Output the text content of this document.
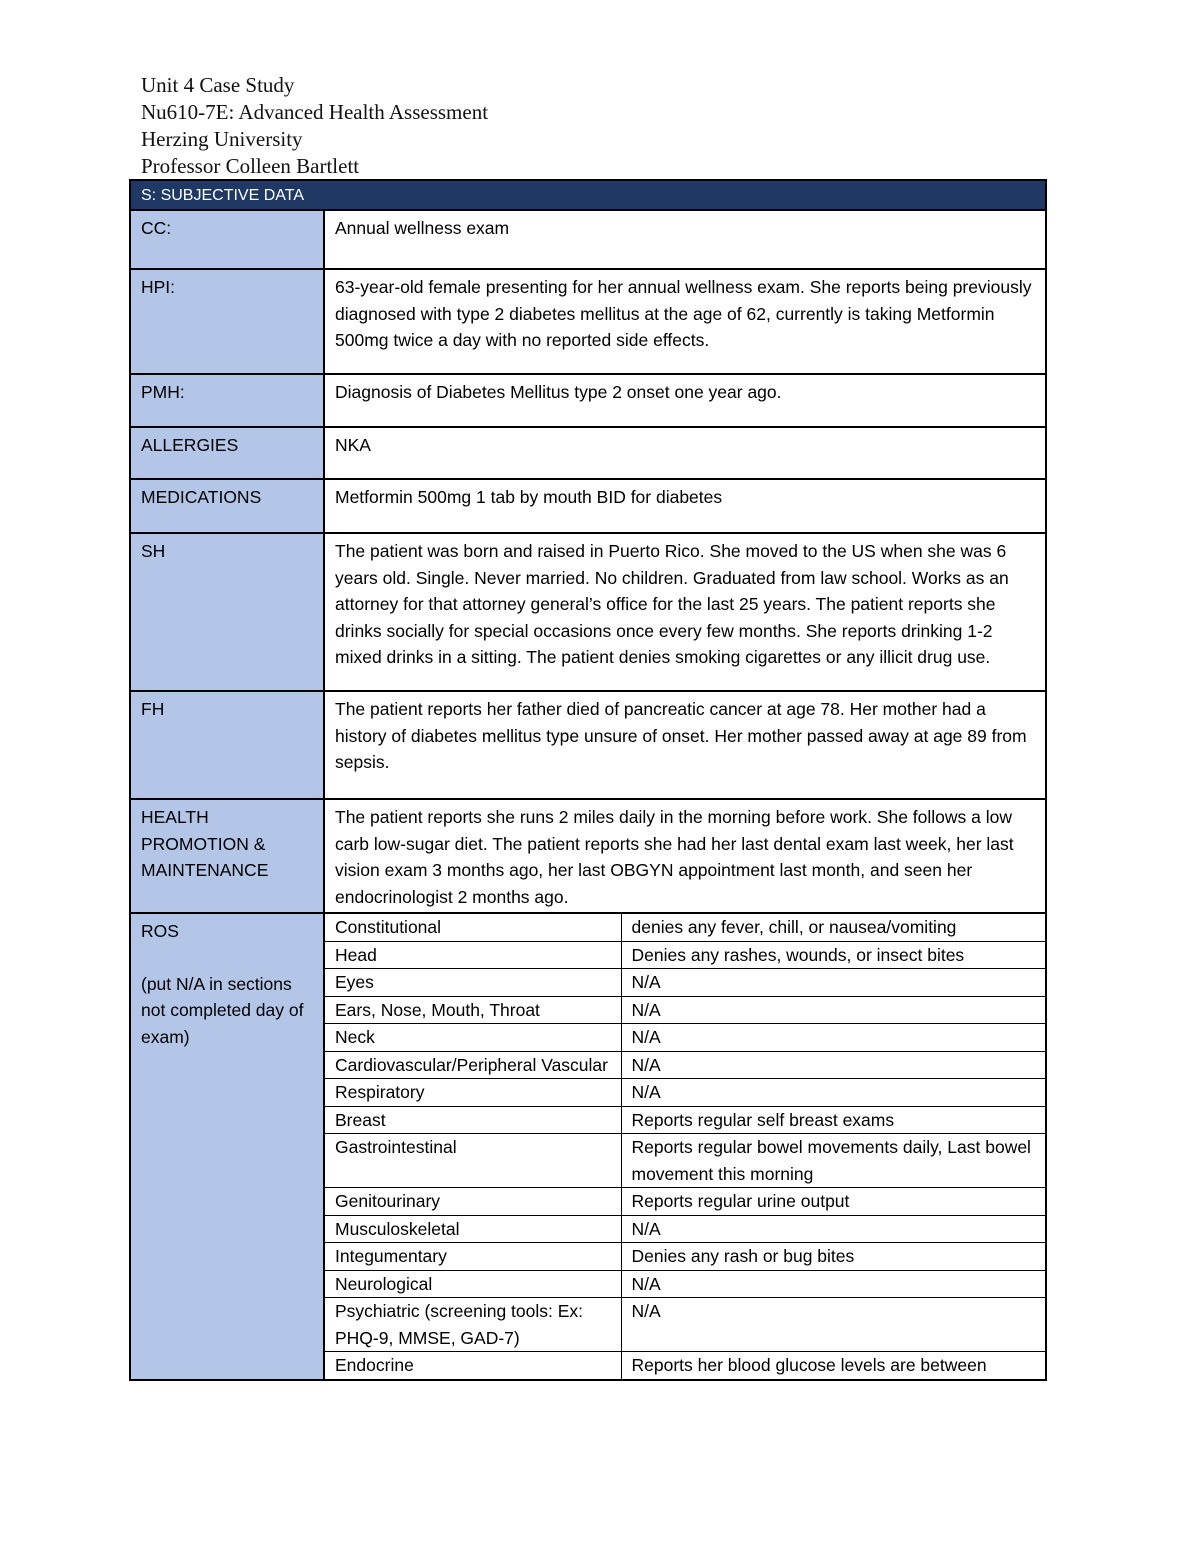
Unit 4 Case Study
Nu610-7E: Advanced Health Assessment
Herzing University
Professor Colleen Bartlett
S: SUBJECTIVE DATA
CC:	Annual wellness exam
HPI:	63-year-old female presenting for her annual wellness exam. She reports being previously diagnosed with type 2 diabetes mellitus at the age of 62, currently is taking Metformin 500mg twice a day with no reported side effects.
PMH:	Diagnosis of Diabetes Mellitus type 2 onset one year ago.
ALLERGIES	NKA
MEDICATIONS	Metformin 500mg 1 tab by mouth BID for diabetes
SH	The patient was born and raised in Puerto Rico. She moved to the US when she was 6 years old. Single. Never married. No children. Graduated from law school. Works as an attorney for that attorney general’s office for the last 25 years. The patient reports she drinks socially for special occasions once every few months. She reports drinking 1-2 mixed drinks in a sitting. The patient denies smoking cigarettes or any illicit drug use.
FH	The patient reports her father died of pancreatic cancer at age 78. Her mother had a history of diabetes mellitus type unsure of onset. Her mother passed away at age 89 from sepsis.
HEALTH PROMOTION & MAINTENANCE	The patient reports she runs 2 miles daily in the morning before work. She follows a low carb low-sugar diet. The patient reports she had her last dental exam last week, her last vision exam 3 months ago, her last OBGYN appointment last month, and seen her endocrinologist 2 months ago.

ROS
(put N/A in sections not completed day of exam)

Constitutional	denies any fever, chill, or nausea/vomiting
Head	Denies any rashes, wounds, or insect bites
Eyes	N/A
Ears, Nose, Mouth, Throat	N/A
Neck	N/A
Cardiovascular/Peripheral Vascular	N/A
Respiratory	N/A
Breast	Reports regular self breast exams
Gastrointestinal	Reports regular bowel movements daily, Last bowel movement this morning
Genitourinary	Reports regular urine output
Musculoskeletal	N/A
Integumentary	Denies any rash or bug bites
Neurological	N/A
Psychiatric (screening tools: Ex: PHQ-9, MMSE, GAD-7)	N/A
Endocrine	Reports her blood glucose levels are between
